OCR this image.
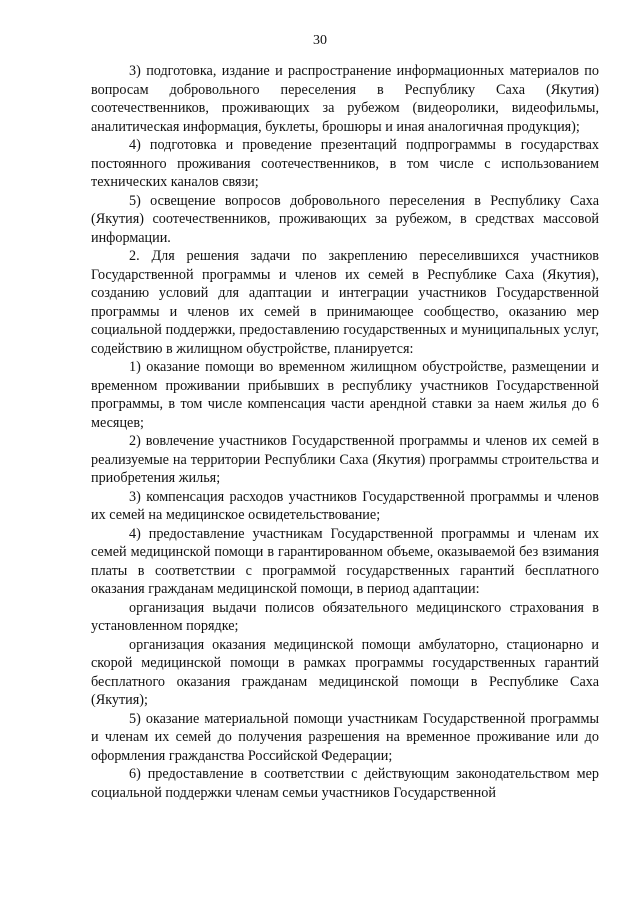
30

3) подготовка, издание и распространение информационных материалов по вопросам добровольного переселения в Республику Саха (Якутия) соотечественников, проживающих за рубежом (видеоролики, видеофильмы, аналитическая информация, буклеты, брошюры и иная аналогичная продукция);

4) подготовка и проведение презентаций подпрограммы в государствах постоянного проживания соотечественников, в том числе с использованием технических каналов связи;

5) освещение вопросов добровольного переселения в Республику Саха (Якутия) соотечественников, проживающих за рубежом, в средствах массовой информации.

2. Для решения задачи по закреплению переселившихся участников Государственной программы и членов их семей в Республике Саха (Якутия), созданию условий для адаптации и интеграции участников Государственной программы и членов их семей в принимающее сообщество, оказанию мер социальной поддержки, предоставлению государственных и муниципальных услуг, содействию в жилищном обустройстве, планируется:

1) оказание помощи во временном жилищном обустройстве, размещении и временном проживании прибывших в республику участников Государственной программы, в том числе компенсация части арендной ставки за наем жилья до 6 месяцев;

2) вовлечение участников Государственной программы и членов их семей в реализуемые на территории Республики Саха (Якутия) программы строительства и приобретения жилья;

3) компенсация расходов участников Государственной программы и членов их семей на медицинское освидетельствование;

4) предоставление участникам Государственной программы и членам их семей медицинской помощи в гарантированном объеме, оказываемой без взимания платы в соответствии с программой государственных гарантий бесплатного оказания гражданам медицинской помощи, в период адаптации:

организация выдачи полисов обязательного медицинского страхования в установленном порядке;

организация оказания медицинской помощи амбулаторно, стационарно и скорой медицинской помощи в рамках программы государственных гарантий бесплатного оказания гражданам медицинской помощи в Республике Саха (Якутия);

5) оказание материальной помощи участникам Государственной программы и членам их семей до получения разрешения на временное проживание или до оформления гражданства Российской Федерации;

6) предоставление в соответствии с действующим законодательством мер социальной поддержки членам семьи участников Государственной
